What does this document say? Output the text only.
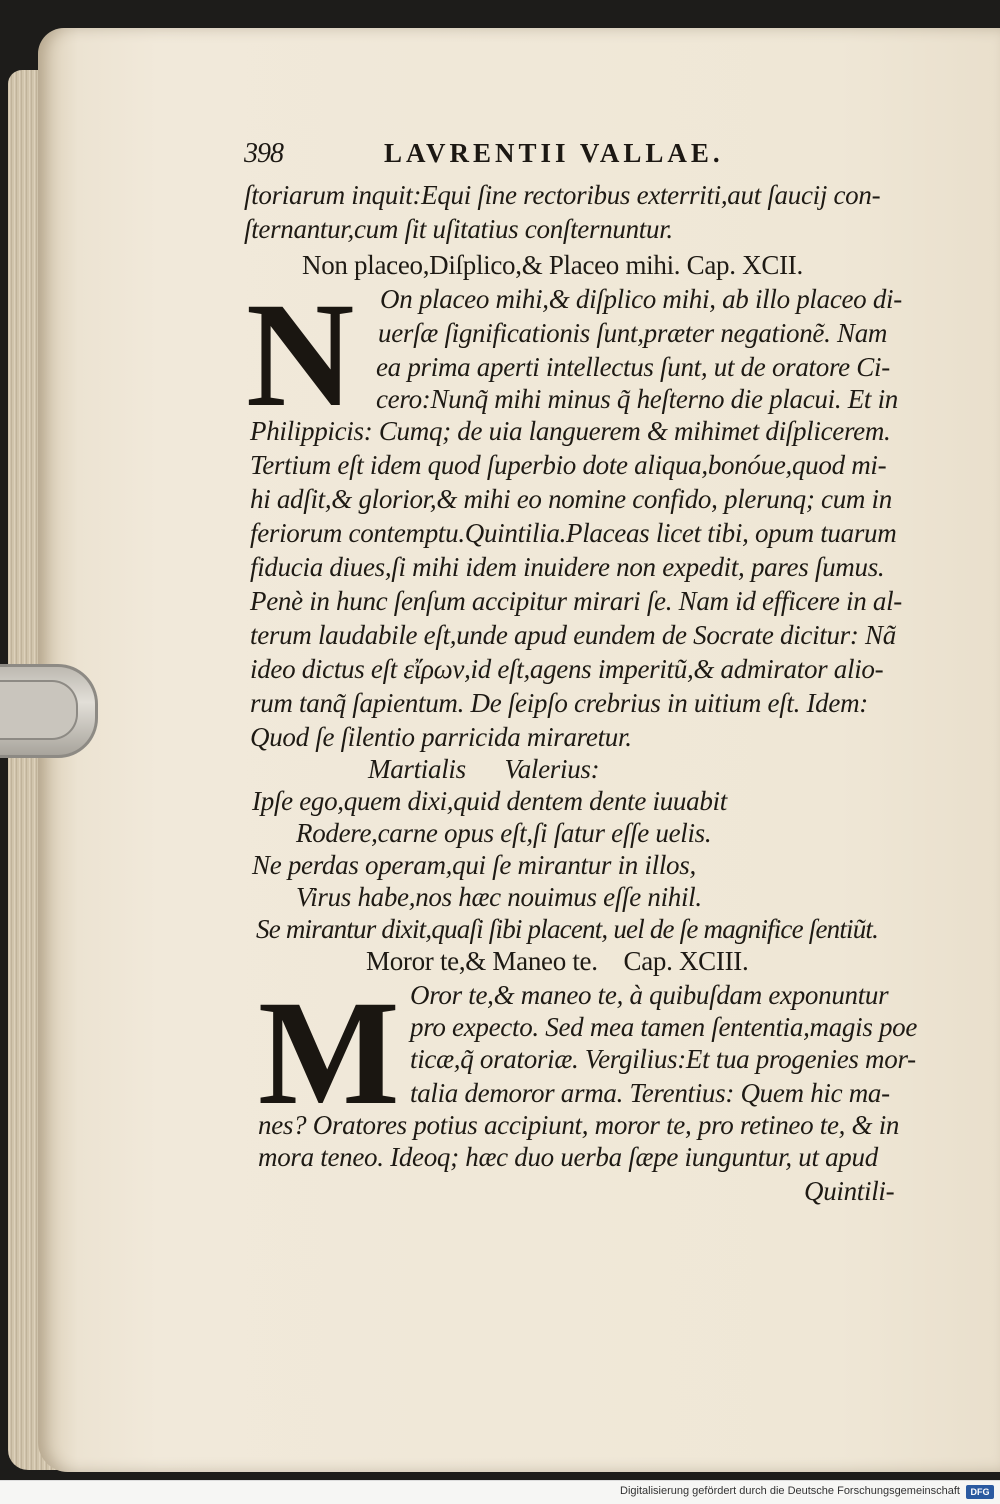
398	LAVRENTII VALLAE.
N
M
ſtoriarum inquit:Equi ſine rectoribus exterriti,aut ſaucij con-
ſternantur,cum ſit uſitatius conſternuntur.
Non placeo,Diſplico,& Placeo mihi. Cap. XCII.
On placeo mihi,& diſplico mihi, ab illo placeo di-
uerſæ ſignificationis ſunt,præter negationẽ. Nam
ea prima aperti intellectus ſunt, ut de oratore Ci-
cero:Nunq̃ mihi minus q̃ heſterno die placui. Et in
Philippicis: Cumq; de uia languerem & mihimet diſplicerem.
Tertium eſt idem quod ſuperbio dote aliqua,bonóue,quod mi-
hi adſit,& glorior,& mihi eo nomine confido, plerunq; cum in
feriorum contemptu.Quintilia.Placeas licet tibi, opum tuarum
fiducia diues,ſi mihi idem inuidere non expedit, pares ſumus.
Penè in hunc ſenſum accipitur mirari ſe. Nam id efficere in al-
terum laudabile eſt,unde apud eundem de Socrate dicitur: Nã
ideo dictus eſt εἴρων,id eſt,agens imperitũ,& admirator alio-
rum tanq̃ ſapientum. De ſeipſo crebrius in uitium eſt. Idem:
Quod ſe ſilentio parricida miraretur.
Martialis      Valerius:
Ipſe ego,quem dixi,quid dentem dente iuuabit
Rodere,carne opus eſt,ſi ſatur eſſe uelis.
Ne perdas operam,qui ſe mirantur in illos,
Virus habe,nos hæc nouimus eſſe nihil.
Se mirantur dixit,quaſi ſibi placent, uel de ſe magnifice ſentiũt.
Moror te,& Maneo te.    Cap. XCIII.
Oror te,& maneo te, à quibuſdam exponuntur
pro expecto. Sed mea tamen ſententia,magis poe
ticæ,q̃ oratoriæ. Vergilius:Et tua progenies mor-
talia demoror arma. Terentius: Quem hic ma-
nes? Oratores potius accipiunt, moror te, pro retineo te, & in
mora teneo. Ideoq; hæc duo uerba ſæpe iunguntur, ut apud
Quintili-
Digitalisierung gefördert durch die Deutsche Forschungsgemeinschaft	DFG
